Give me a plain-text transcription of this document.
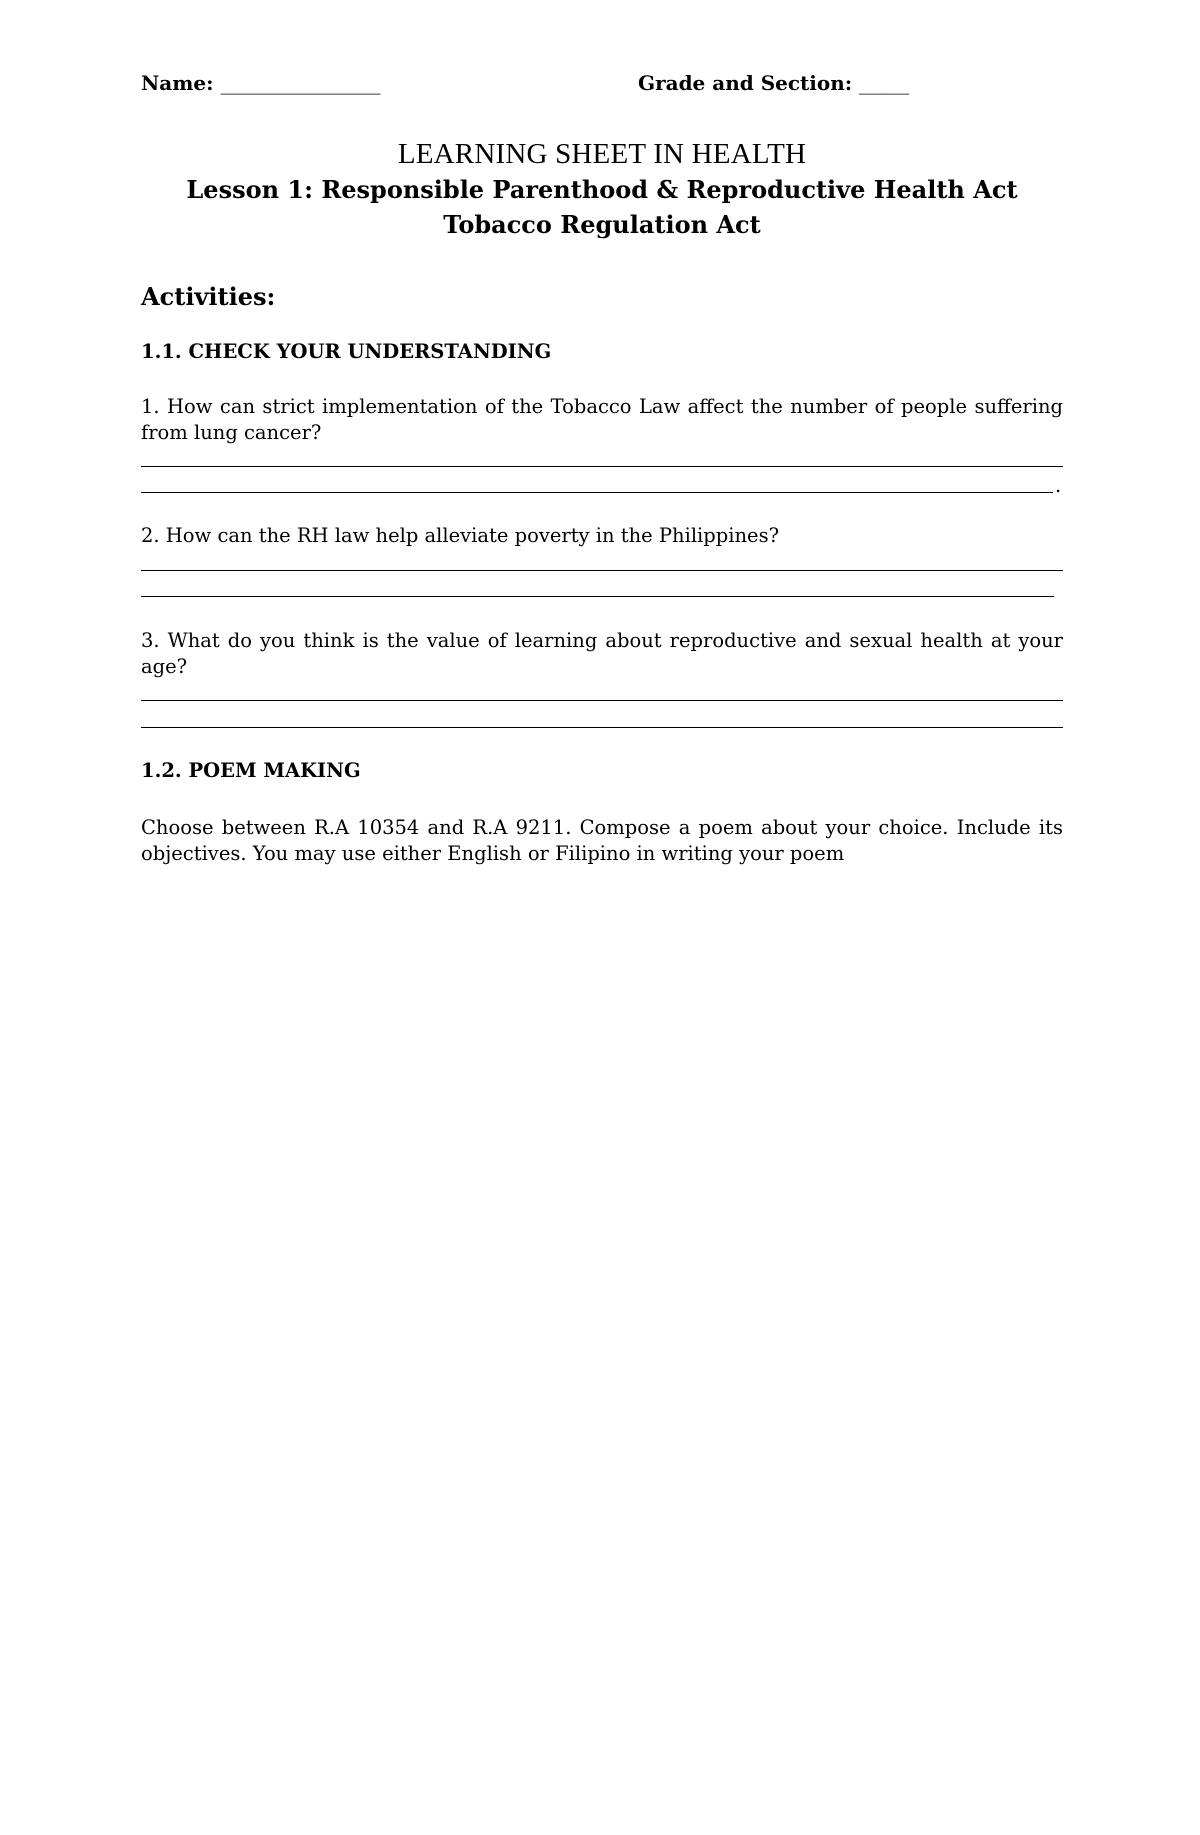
Name: ________________	Grade and Section: _____
LEARNING SHEET IN HEALTH
Lesson 1: Responsible Parenthood & Reproductive Health Act
Tobacco Regulation Act
Activities:
1.1. CHECK YOUR UNDERSTANDING
1. How can strict implementation of the Tobacco Law affect the number of people suffering from lung cancer?
.
2. How can the RH law help alleviate poverty in the Philippines?
3. What do you think is the value of learning about reproductive and sexual health at your age?
1.2. POEM MAKING
Choose between R.A 10354 and R.A 9211. Compose a poem about your choice. Include its objectives. You may use either English or Filipino in writing your poem
